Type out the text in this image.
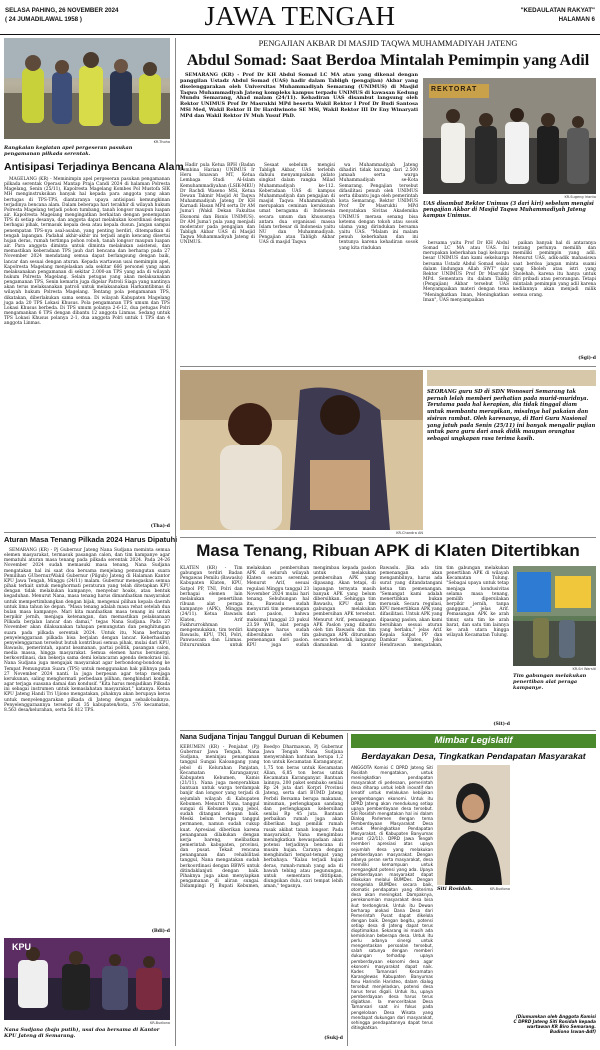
SELASA PAHING, 26 NOVEMBER 2024
( 24 JUMADILAWAL 1958 )	JAWA TENGAH	"KEDAULATAN RAKYAT"
HALAMAN 6
KR-Thoha
Rangkaian kegiatan apel pergeseran pasukan pengamanan pilkada serentak.
Antisipasi Terjadinya Bencana Alam

MAGELANG (KR) - Meminimpin apel pergeseran pasukan pengamanan pilkada serentak Operasi Mantap Praja Candi 2024 di halaman Polresta Magelang, Senin (25/11), Kapolresta Magelang Kombes Pol Mustofa SIK MH menginstruksikan banyak hal kepada para anggota yang akan bertugas di TPS-TPS, diantaranya upaya antisipasi kemungkinan terjadinya bencana alam. Dalam beberapa hari terakhir di wilayah hukum Polresta Magelang terjadi pohon tumbang, tanah longsor maupun luapan air. Kapolresta Magelang mengingatkan berkaitan dengan penempatan TPS di setiap desanya, dan anggota dapat melakukan koordinasi dengan berbagai pihak, termasuk kepala desa atau kepala dusun. Jangan sampai penempatan TPS-nya asal-asalan, yang penting berdiri, ditempatkan di tengah lapangan. Padahal akhir-akhir ini terjadi angin kencang disertai hujan deras, rumah tertimpa pohon roboh, tanah longsor maupun luapan air. Para anggota diminta untuk diminta melakukan asistensi, dan memastikan keberadaan TPS jauh dari bencana dan berharap pada 27 November 2024 mendatang semua dapat berlangsung dengan baik, lancar dan sesuai dengan aturan. Kepada wartawan usai memimpin apel, Kapolresta Magelang menjelaskan ada sekitar 666 personel yang akan melaksanakan pengamanan di sekitar 2.000-an TPS yang ada di wilayah hukum Polresta Magelang. Selain petugas yang akan melaksanakan pengamanan TPS, Senin kemarin juga digelar Patroli Siaga yang nantinya akan terus melaksanakan patroli untuk melaksanakan Harkamtibmas di wilayah hukum Polresta Magelang. Tentang pola pengamanan TPS, dikatakan, diberlakukan sama semua. Di wilayah Kabupaten Magelang juga ada 20 TPS Lokasi Khusus. Pola pengamanan TPS umum dan TPS Lokasi Khusus berbeda. Di TPS umum polanya 2-6-12, dua petugas Polri mengamankan 6 TPS dengan dibantu 12 anggota Linmas. Sedang untuk TPS Lokasi Khusus polanya 2-1, dua anggota Polri untuk 1 TPS dan 4 anggota Linmas.

(Tha)-d
Aturan Masa Tenang Pilkada 2024 Harus Dipatuhi

SEMARANG (KR) - Pj Gubernur Jateng Nana Sudjana meminta semua elemen masyarakat, termasuk pasangan calon, dan tim kampanye agar mematuhi aturan masa tenang pada pilkada serentak 2024. Pada 24-26 November 2024 sudah memasuki masa tenang. Nana Sudjana mengatakan hal ini saat doa bersama menjelang pemungutan suara Pemilihan GUbernur/Wakil Gubernur (Pilgub) Jateng di Halaman Kantor KPU Jawa Tengah, Minggu (24/11) malam. Gubernur menegaskan semua pihak terkait untuk menghormati peraturan yang telah ditetapkan KPU dengan tidak melakukan kampanye, menyebar hoaks, atau bentuk kegaduhan. Menurut Nana, masa tenang harus dimanfaatkan masyarakat untuk mempertimbangkan dengan bijak, mengenai pilihan kepala daerah untuk lima tahun ke depan. "Masa tenang adalah masa rehat setelah dua bulan masa kampanye. Mari kita manfaatkan masa tenang ini untuk berpikir jernih, menjaga ketenangan, dan memastikan pelaksanaan Pilkada berjalan lancar dan damai," tegas Nana Sudjana. Pada 27 November akan dilaksanakan tahapan pemungutan dan penghitungan suara pada pilkada serentak 2024. Untuk itu, Nana berharap penyelenggaraan pilkada bisa berjalan dengan lancar. Keberhasilan penyelenggaraan tersebut butuh kontribusi semua pihak, mulai dari KPU, Bawaslu, pemerintah, aparat keamanan, partai politik, pasangan calon, media massa, hingga masyarakat. Semua elemen harus bersinergi, berkoordinasi, dan bekerja sama demi kelancaran agenda demokrasi ini. Nana Sudjana juga mengajak masyarakat agar berbondong-bondong ke Tempat Pemungutan Suara (TPS) untuk menggunakan hak pilihnya pada 27 November 2024 nanti. Ia juga berpesan agar tetap menjaga kerukunan, saling menghormati perbedaan pilihan, menghindari konflik, agar terjaga suasana damai dan kondusif. "Kita harus menjadikan Pilkada ini sebagai instrumen untuk kemaslahatan masyarakat," katanya. Ketua KPU Jateng Handi Tri Ujiono mengatakan, pihaknya akan berupaya keras untuk menyelenggarakan pilkada di Jateng dengan sebaik-baiknya. Penyelenggaraannya tersebar di 35 kabupaten/kota, 576 kecamatan, 8.563 desa/kelurahan, serta 56.812 TPS.

(Bdi)-d
KPU
KR-Budiono
Nana Sudjana (baju putih), usai doa bersama di Kantor KPU Jateng di Semarang.
PENGAJIAN AKBAR DI MASJID TAQWA MUHAMMADIYAH JATENG
Abdul Somad: Saat Berdoa Mintalah Pemimpin yang Adil

SEMARANG (KR) - Prof Dr KH Abdul Somad LC MA atau yang dikenal dengan panggilan Ustadz Abdul Somad (UAS) hadir dalam Tabligh (pengajian) Akbar yang diselenggarakan oleh Universitas Muhammadiyah Semarang (UNIMUS) di Masjid Taqwa Muhammadiyah Jateng kompleks kampus terpadu UNIMUS di kawasan Kedung Mundu Semarang, Ahad malam (24/11). Kehadiran UAS disambut langsung oleh Rektor UNIMUS Prof Dr Masrukhi MPd beserta Wakil Rektor I Prof Dr Budi Santosa MSi Med, Wakil Rektor II Dr Hardiwinoto SE MSi, Wakil Rektor III Dr Eny Winaryati MPd dan Wakil Rektor IV Muh Yusuf PhD.

Hadir pula Ketua BPH (Badan Pembina Harian) UNIMUS Ir Heru Isnawan MT, Ketua Lembaga Studi Al-Islam Kemuhammadiyahan (LSIK-MKU) Dr Rachdi Waseno MSi, Ketua Dewan Takmir Masjid At Taqwa Muhammadiyah Jateng Dr KH Karnadi Hasan MPd serta Dr AM Juma'i (Wakil Dekan Fakultas Ekonomi dan Bisnis UNIMUS). Dr AM Juma'i pula yang menjadi moderator pada pengajian dan Tabligh Akbar UAS di Masjid Taqwa Muhammadiyah Jateng di UNIMUS.

Sesaat sebelum mengisi Tabligh Akbar, UAS terlebih dahulu menyampaikan pidato singkat dalam rangka Milad Muhammadiyah ke-112. Keberadaan UAS di kampus Muhammadiyah dan pengajian di masjid Taqwa Muhammadiyah merupakan ceminan kerukunan umat beragama di Indonesia secara umum dan khususnya antara dua organisasi massa Islam terbesar di Indonesia yaitu NU dan Muhammadiyah. Pengajian atau Tabligh Akbar UAS di masjid Taqwa

wa Muhammadiyah Jateng dihadiri tidak kurang dari 2.500 jamaah serta warga Muhammadiyah se-Kota Semarang. Pengajian tersebut difasilitasi penuh oleh UNIMUS serta dibantu juga oleh pemerintah kota Semarang. Rektor UNIMUS Prof Dr Masrukhi MPd menyatakan Sivitas Akademika UNIMUS merasa senang bisa ketemu dengan tokoh atau sosok ulama yang dirindukan bersama yaitu UAS. "Malam ini malam penuh keberkahan dan ini tentunya karena kehadiran sosok yang kita rindukan

REKTORAT
KR-Sugeng Irianto
UAS disambut Rektor Unimus (3 dari kiri) sebelum mengisi pengajian Akbar di Masjid Taqwa Muhammadiyah Jateng kampus Unimus.

bersama yaitu Prof Dr KH Abdul Somad LC MA atau UAS. Ini merupakan keberkahan bagi keluarga besar UNIMUS dan kami sekeluarga bersama Ustadz Abdul Somad selalu dalam lindungan Allah SWT" ujar Rektor UNIMUS Prof Dr Masrukhi MPd. Sementara itu dalam Tablig (Pengajian) Akbar tersebut UAS Menyampaikan materi dengan tema "Meningkatkan Iman, Meningkatkan Iman", UAS menyampaikan

paikan banyak hal di antaranya tentang perlunya memilih dan memiliki pemimpin yang adil. Menurut UAS, adik-adik mahasiswa saat berdoa jangan minta suami yang Sholeh atau istri yang Sholehah, karena itu hanya untuk diri pribadi atau perorangan. Tetapi mintalah pemimpin yang adil karena kedilannya akan menjadi milik semua orang.

(Sgi)-d
KR-Chandra AN
SEORANG guru SD di SDN Wonosari Semarang tak pernah lelah memberi perhatian pada murid-muridnya. Terutama pada hal kerapian, dia tidak tinggal diam untuk membantu merapikan, misalnya hal pakaian dan sisiran rambut. Oleh karenanya, di Hari Guru Nasional yang jatuh pada Senin (25/11) ini banyak mengalir pujian untuk para guru dari anak didik maupun orangtua sebagai ungkapan rasa terima kasih.
Masa Tenang, Ribuan APK di Klaten Ditertibkan
KLATEN (KR) - Tim gabungan terdiri Badan Pengawas Pemilu (Bawaslu) Kabupaten Klaten, KPU, Satpol PP, TNI, Polri dan berbagai elemen lain melakukan penertiban ribuan alat peraga kampanye (APK), Minggu (24/11). Ketua Bawaslu Klaten, Arif Fakhrurrokhman mengemukakan, tim terdiri Bawaslu, KPU, TNI, Polri, Panwascam dan Linmas. Ditururunkan untuk melakukan pembersihan APK di seluruh wilayah Klaten secara serentak. Menurut Arif, sesuai regulasi Minggu tanggal 23 November 2024 mulai hari tenang. Sebuhungan hal itu, Bawaslu sudah menyurati tim pemenangan dari paslon, bahwa maksimal tanggal 23 pukul 23.59 WIB, alat peraga kampanye harus sudah dibersihkan oleh tim pemenangan dari paslon. KPU juga sudah mengimbau kepada paslon untuk melakukan pembersihan APK yang dipasang. Akan tetapi, di lapangan ternyata masih banyak APK yang belum dibersihkan. Sehingga tim Bawaslu, KPU dan tim gabungan melakukan pembersihan APK tersebut. Menurut Arif, pemasangan APK Paslon yang dibantu oleh tim Bawaslu dan tim gabungan APK diturunkan secara terkendali, langsung diamankan di kantor Bawaslu. Jika ada tim pemenangan akan mengambilnya, harus ada surat yang ditandatangani ketua tim pemenangan. "Semangat kami adalah menertibkan bukan merusak. Secara regulasi, KPU menertibkan APK yang difasilitasi. Untuk APK yang dipasang paslon, akan kami bersihkan sesuai aturan yang berlaku," jelas Arif. Kepala Satpol PP dan Damkar Klaten, Joko Hendrawan mengatakan, tim gabungan melakukan penertiban APK di wilayah Kecamatan Tulung. "Sebagai upaya untuk tetap menjaga kondusivitas selama masa tenang, pemilih dipersilakan berpikir jernih, tanpa gangguan," jelas Arif. Pemasangan APK ke arah timur, satu tim ke arah barat, dan satu tim lainnya ke arah utara hingga wilayah Kecamatan Tulung.
KR-Sri Warsiti
Tim gabungan melakukan penertiban alat peraga kampanye.
(Sit)-d
Nana Sudjana Tinjau Tanggul Duruan di Kebumen
KEBUMEN (KR) - Penjabat (Pj) Gubernur Jawa Tengah, Nana Sudjana, meninjau penanganan tanggul Sungai Kaloangang yang jebol di Kelurahan Panjatan, Kecamatan Karanganyar, Kabupaten Kebumen, Kamis (21/11). Nana juga menyerahkan bantuan untuk warga terdampak banjir dan longsor yang terjadi di sejumlah wilayah di Kabupaten Kebumen. Menurut Nana, tanggul sungai di Kebumen yang jebol, sudah ditangani dengan baik. Meski belum berupa tanggul permanen, namun sudah cukup kuat. Apresiasi diberikan karena penanganan dilakukan dengan kerja bareng, melibatkan pemerintah kabupaten, provinsi, dan pusat. Tekait rencana penanganan dan rehabilitasi tanggul, Nana mengatakan sudah berkoordinasi dengan BBWS untuk ditindaklanjuti dengan baik. Pihaknya juga akan menyiapkan pengamanan di aliran sungai. Didampingi Pj Bupati Kebumen, Boedyo Dharmawan, Pj Gubernur Jawa Tengah Nana Sudjana menyerahkan bantuan berupa 1,2 ton untuk Kecamatan Karanganyar, 1,75 ton beras untuk Kecamatan Alian, 6,85 ton beras untuk Kecamatan Karanganyar. Bantuan lainnya, 200 paket sembako senilai Rp 24 juta dari Korpri Provinsi Jateng, serta dari BUMD Jateng Perbdi Bersama berupa makanan, minuman, perlengkapan sandang dan perlengkapan kebersihan senilai Rp 45 juta. Bantuan perbaikan rumah juga akan diberikan bagi pemilik rumah rusak akibat tanah longsor. Pada masyarakat, Nana mengimbau meningkatkan kewaspadaan akan potensi terjadinya bencana di musim hujan. Caranya dengan menghindari tempat-tempat yang berbahaya. "Kalau terjadi hujan deras, rumah-rumah yang ada di bawah tebing atau pegunungan, untuk sementara dititipkan, diungsikan dulu, cari tempat lebih aman," tegasnya.
(Sukj-d
Mimbar Legislatif
Berdayakan Desa, Tingkatkan Pendapatan Masyarakat
ANGGOTA Komisi C DPRD Jateng Siti Rosidah mengatakan, untuk meningkatkan pendapatan masyarakat di pedesaan, pemerintah desa diharap untuk lebih inovatif dan kreatif untuk melakukan kebijakan pengembangan ekonomi. Untuk itu DPRD Jateng akan mendukung setiap upaya pemberdayaan desa tersebut. Siti Rosidah mengatakan hal ini dalam Dialog Parlemen dengan tema Pemberdayaan Masyarakat Desa untuk Meningkatkan Pendapatan Masyarakat, di Kabupaten Banyumas Jumat (22/11). DPRD Jawa Tengah memberi apresiasi atas upaya sejumlah desa yang melakukan pemberdayaan masyarakat. Dengan adanya peran serta masyarakat, desa memiliki kemampuan untuk mengangkat potensi yang ada. Upaya pemberdayaan masyarakat dapat dilakukan melalui BUMDes. Dengan mengelola BUMDes secara baik, otomatis pendapatan yang diterima desa akan meningkat. Dampaknya, perekonomian masyarakat desa bisa ikut terdongkrak. Untuk itu Dewan berharap alokasi Dana Desa dari Pemerintah Pusat dapat dikelola dengan baik. Dengan begitu, potensi setiap desa di Jateng dapat terus dioptimalkan. Sekarang ini masih ada kemiskinan beberapa desa. Untuk itu perlu adanya sinergi untuk mengentaskan persoalan tersebut, salah satunya dengan memberi dukungan terhadap upaya pemberdayaan ekonomi desa agar ekonomi masyarakat dapat naik. Kades Tamansari Kecamatan Karanglewas Kabupaten Banyumas Ibnu Harindin Haristeo, dalam dialog tersebut menjelaskan, potensi desa harus terus digali. Untuk itu, upaya pemberdayaan desa harus terus digiatkan. Ia menceritakan Desa Tamansari saat ini fokus pada pengelolaan Desa Wisata yang mendapat dukungan dari masyarakat, sehingga pendapatannya dapat terus ditingkatkan.
Siti Rosidah.	KR-Budiono
(Diumumkan oleh Anggota Komisi C DPRD Jateng Siti Rosidah kepada wartawan KR Biro Semarang. Budiono Iswan-Adf)
